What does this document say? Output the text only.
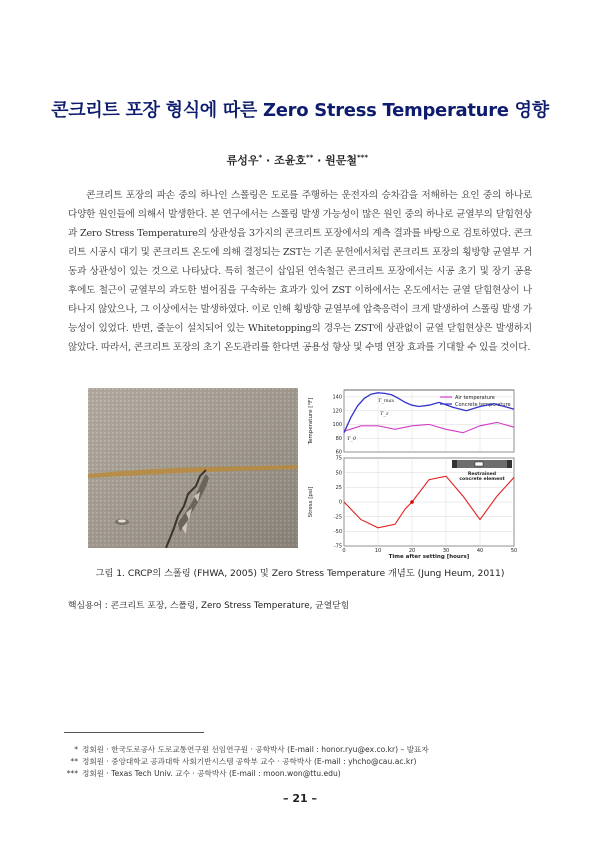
콘크리트 포장 형식에 따른 Zero Stress Temperature 영향
류성우* · 조윤호** · 원문철***
콘크리트 포장의 파손 중의 하나인 스폴링은 도로를 주행하는 운전자의 승차감을 저해하는 요인 중의 하나로 다양한 원인들에 의해서 발생한다. 본 연구에서는 스폴링 발생 가능성이 많은 원인 중의 하나로 균열부의 닫힘현상과 Zero Stress Temperature의 상관성을 3가지의 콘크리트 포장에서의 계측 결과를 바탕으로 검토하였다. 콘크리트 시공시 대기 및 콘크리트 온도에 의해 결정되는 ZST는 기존 문헌에서처럼 콘크리트 포장의 횡방향 균열부 거동과 상관성이 있는 것으로 나타났다. 특히 철근이 삽입된 연속철근 콘크리트 포장에서는 시공 초기 및 장기 공용 후에도 철근이 균열부의 과도한 벌어짐을 구속하는 효과가 있어 ZST 이하에서는 온도에서는 균열 닫힘현상이 나타나지 않았으나, 그 이상에서는 발생하였다. 이로 인해 횡방향 균열부에 압축응력이 크게 발생하여 스폴링 발생 가능성이 있었다. 반면, 줄눈이 설치되어 있는 Whitetopping의 경우는 ZST에 상관없이 균열 닫힘현상은 발생하지 않았다. 따라서, 콘크리트 포장의 초기 온도관리를 한다면 공용성 향상 및 수명 연장 효과를 기대할 수 있을 것이다.
60
80
100
120
140	Air temperature
Concrete temperature
T_max
T_z
T_0
Temperature [°F]
75
50
25
0
-25
-50
-75
0	10	20	30	40	50
Restrained concrete element
Stress [psi]
Time after setting [hours]
그림 1. CRCP의 스폴링 (FHWA, 2005) 및 Zero Stress Temperature 개념도 (Jung Heum, 2011)
핵심용어 : 콘크리트 포장, 스폴링, Zero Stress Temperature, 균열닫힘
* 정회원 · 한국도로공사 도로교통연구원 선임연구원 · 공학박사 (E-mail : honor.ryu@ex.co.kr) – 발표자
** 정회원 · 중앙대학교 공과대학 사회기반시스템 공학부 교수 · 공학박사 (E-mail : yhcho@cau.ac.kr)
*** 정회원 · Texas Tech Univ. 교수 · 공학박사 (E-mail : moon.won@ttu.edu)
– 21 –
